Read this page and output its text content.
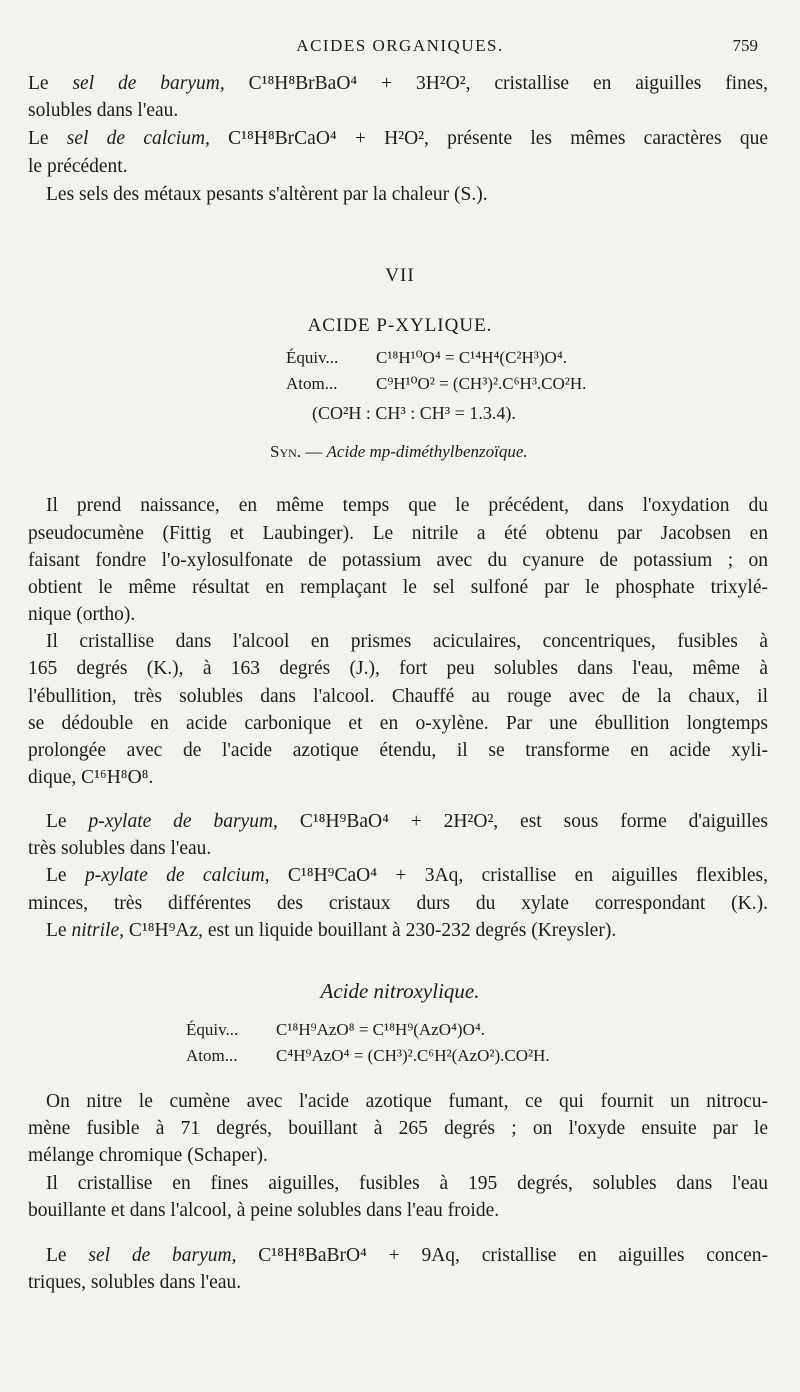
ACIDES ORGANIQUES.	759
Le sel de baryum, C¹⁸H⁸BrBaO⁴ + 3H²O², cristallise en aiguilles fines,
solubles dans l'eau.
Le sel de calcium, C¹⁸H⁸BrCaO⁴ + H²O², présente les mêmes caractères que
le précédent.
Les sels des métaux pesants s'altèrent par la chaleur (S.).
VII
ACIDE P-XYLIQUE.
Équiv... C¹⁸H¹⁰O⁴ = C¹⁴H⁴(C²H³)O⁴.
Atom... C⁹H¹⁰O² = (CH³)².C⁶H³.CO²H.
(CO²H : CH³ : CH³ = 1.3.4).
Syn. — Acide mp-diméthylbenzoïque.
Il prend naissance, en même temps que le précédent, dans l'oxydation du
pseudocumène (Fittig et Laubinger). Le nitrile a été obtenu par Jacobsen en
faisant fondre l'o-xylosulfonate de potassium avec du cyanure de potassium ; on
obtient le même résultat en remplaçant le sel sulfoné par le phosphate trixylé-
nique (ortho).
Il cristallise dans l'alcool en prismes aciculaires, concentriques, fusibles à
165 degrés (K.), à 163 degrés (J.), fort peu solubles dans l'eau, même à
l'ébullition, très solubles dans l'alcool. Chauffé au rouge avec de la chaux, il
se dédouble en acide carbonique et en o-xylène. Par une ébullition longtemps
prolongée avec de l'acide azotique étendu, il se transforme en acide xyli-
dique, C¹⁶H⁸O⁸.
Le p-xylate de baryum, C¹⁸H⁹BaO⁴ + 2H²O², est sous forme d'aiguilles
très solubles dans l'eau.
Le p-xylate de calcium, C¹⁸H⁹CaO⁴ + 3Aq, cristallise en aiguilles flexibles,
minces, très différentes des cristaux durs du xylate correspondant (K.).
Le nitrile, C¹⁸H⁹Az, est un liquide bouillant à 230-232 degrés (Kreysler).
Acide nitroxylique.
Équiv... C¹⁸H⁹AzO⁸ = C¹⁸H⁹(AzO⁴)O⁴.
Atom... C⁴H⁹AzO⁴ = (CH³)².C⁶H²(AzO²).CO²H.
On nitre le cumène avec l'acide azotique fumant, ce qui fournit un nitrocu-
mène fusible à 71 degrés, bouillant à 265 degrés ; on l'oxyde ensuite par le
mélange chromique (Schaper).
Il cristallise en fines aiguilles, fusibles à 195 degrés, solubles dans l'eau
bouillante et dans l'alcool, à peine solubles dans l'eau froide.
Le sel de baryum, C¹⁸H⁸BaBrO⁴ + 9Aq, cristallise en aiguilles concen-
triques, solubles dans l'eau.
